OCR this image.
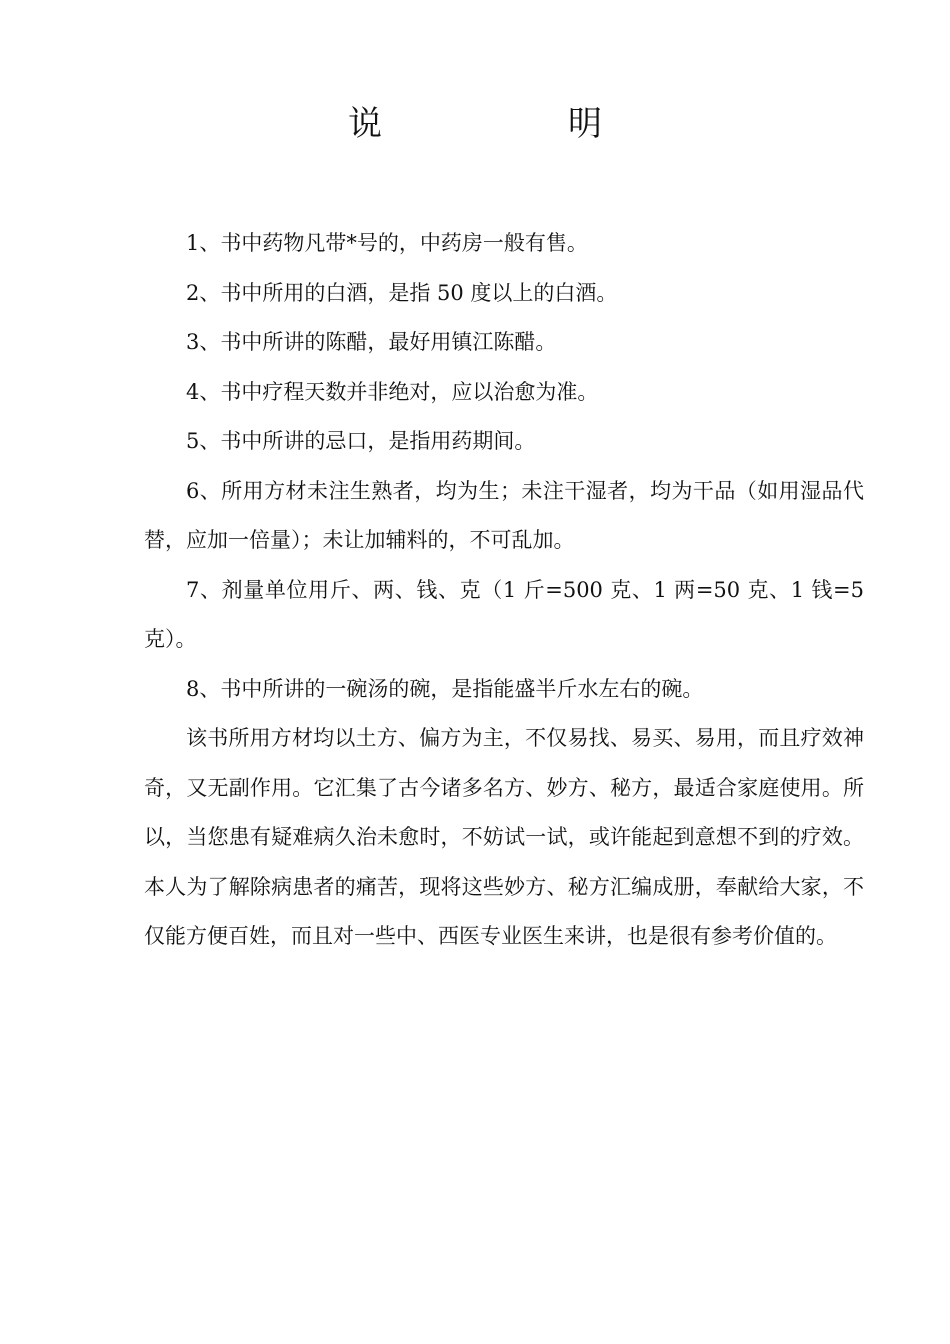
说　明

1、书中药物凡带*号的，中药房一般有售。

2、书中所用的白酒，是指 50 度以上的白酒。

3、书中所讲的陈醋，最好用镇江陈醋。

4、书中疗程天数并非绝对，应以治愈为准。

5、书中所讲的忌口，是指用药期间。

6、所用方材未注生熟者，均为生；未注干湿者，均为干品（如用湿品代替，应加一倍量）；未让加辅料的，不可乱加。

7、剂量单位用斤、两、钱、克（1 斤=500 克、1 两=50 克、1 钱=5 克）。

8、书中所讲的一碗汤的碗，是指能盛半斤水左右的碗。

该书所用方材均以土方、偏方为主，不仅易找、易买、易用，而且疗效神奇，又无副作用。它汇集了古今诸多名方、妙方、秘方，最适合家庭使用。所以，当您患有疑难病久治未愈时，不妨试一试，或许能起到意想不到的疗效。本人为了解除病患者的痛苦，现将这些妙方、秘方汇编成册，奉献给大家，不仅能方便百姓，而且对一些中、西医专业医生来讲，也是很有参考价值的。
